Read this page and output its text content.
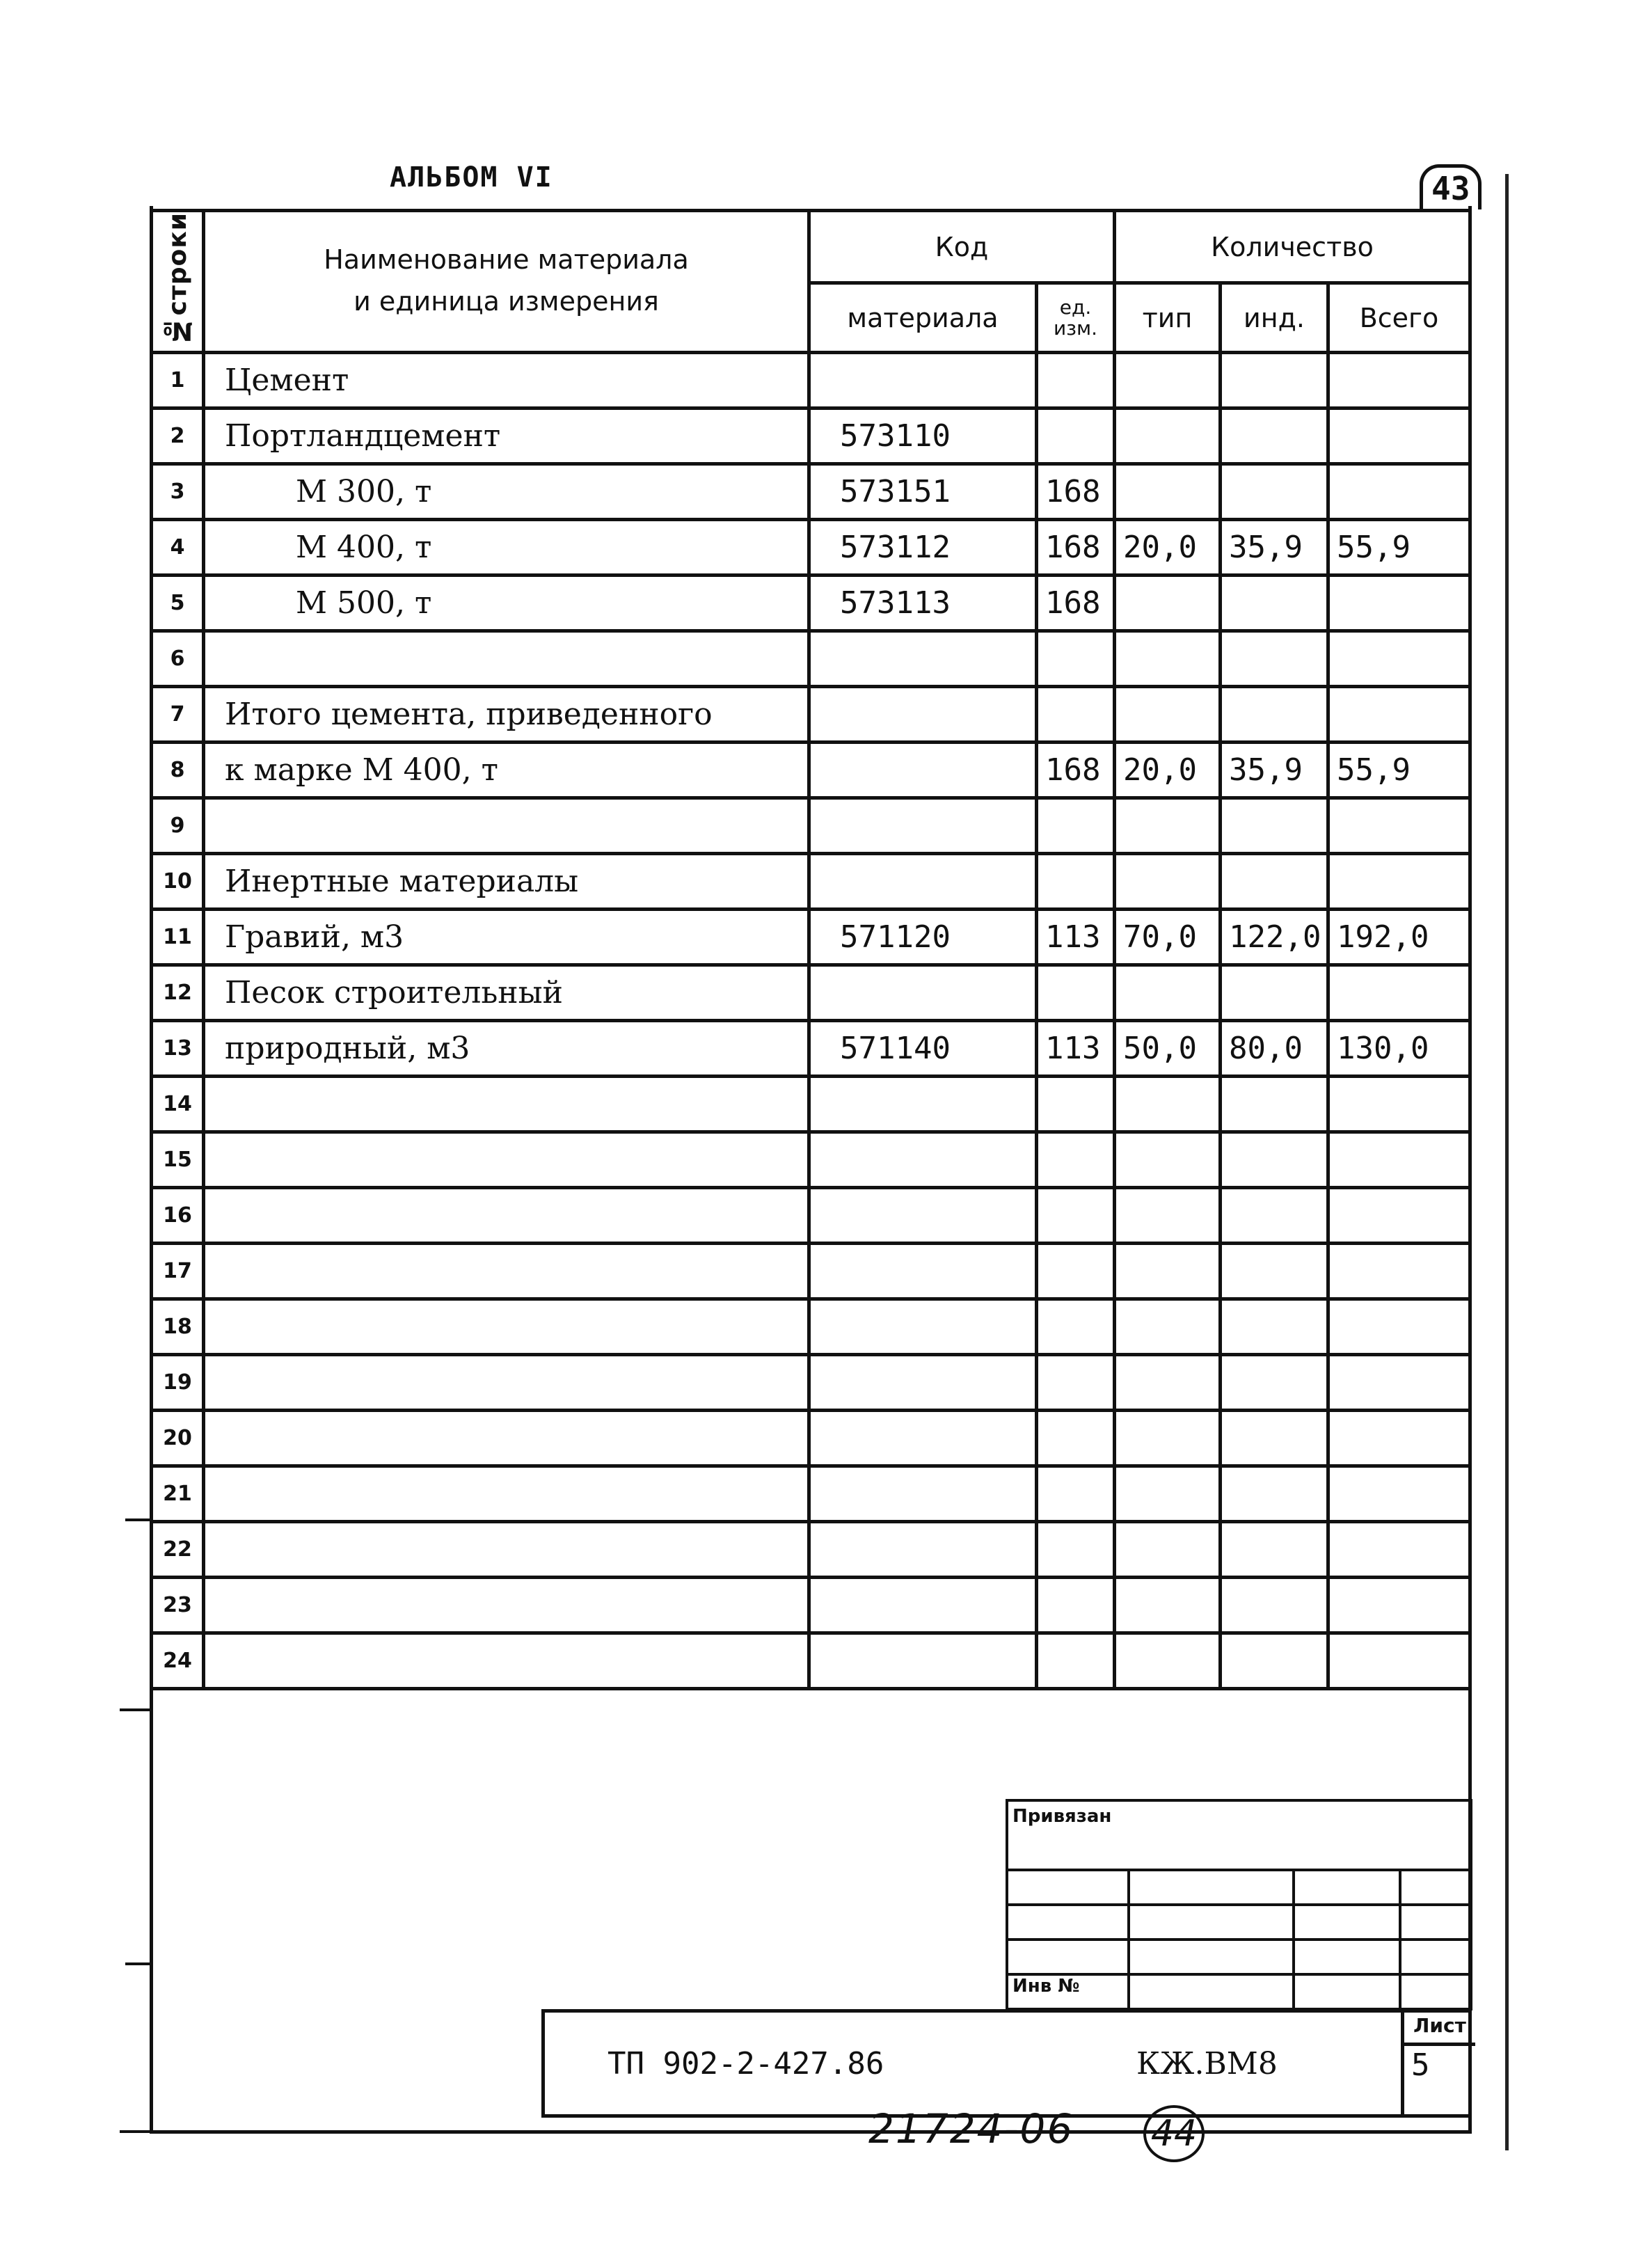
АЛЬБОМ VI	43
№строки	Наименование материала
и единица измерения	Код		Количество		
		материала	ед. изм.	тип	инд.	Всего
1	Цемент					
2	Портландцемент	573110				
3	М 300, т	573151	168			
4	М 400, т	573112	168	20,0	35,9	55,9
5	М 500, т	573113	168			
6						
7	Итого цемента, приведенного					
8	к марке М 400, т		168	20,0	35,9	55,9
9						
10	Инертные материалы					
11	Гравий, м3	571120	113	70,0	122,0	192,0
12	Песок строительный					
13	природный, м3	571140	113	50,0	80,0	130,0
14						
15						
16						
17						
18						
19						
20						
21						
22						
23						
24						
Привязан			

Инв №			
ТП 902-2-427.86	КЖ.ВМ8
Лист
5
21724-06 44
